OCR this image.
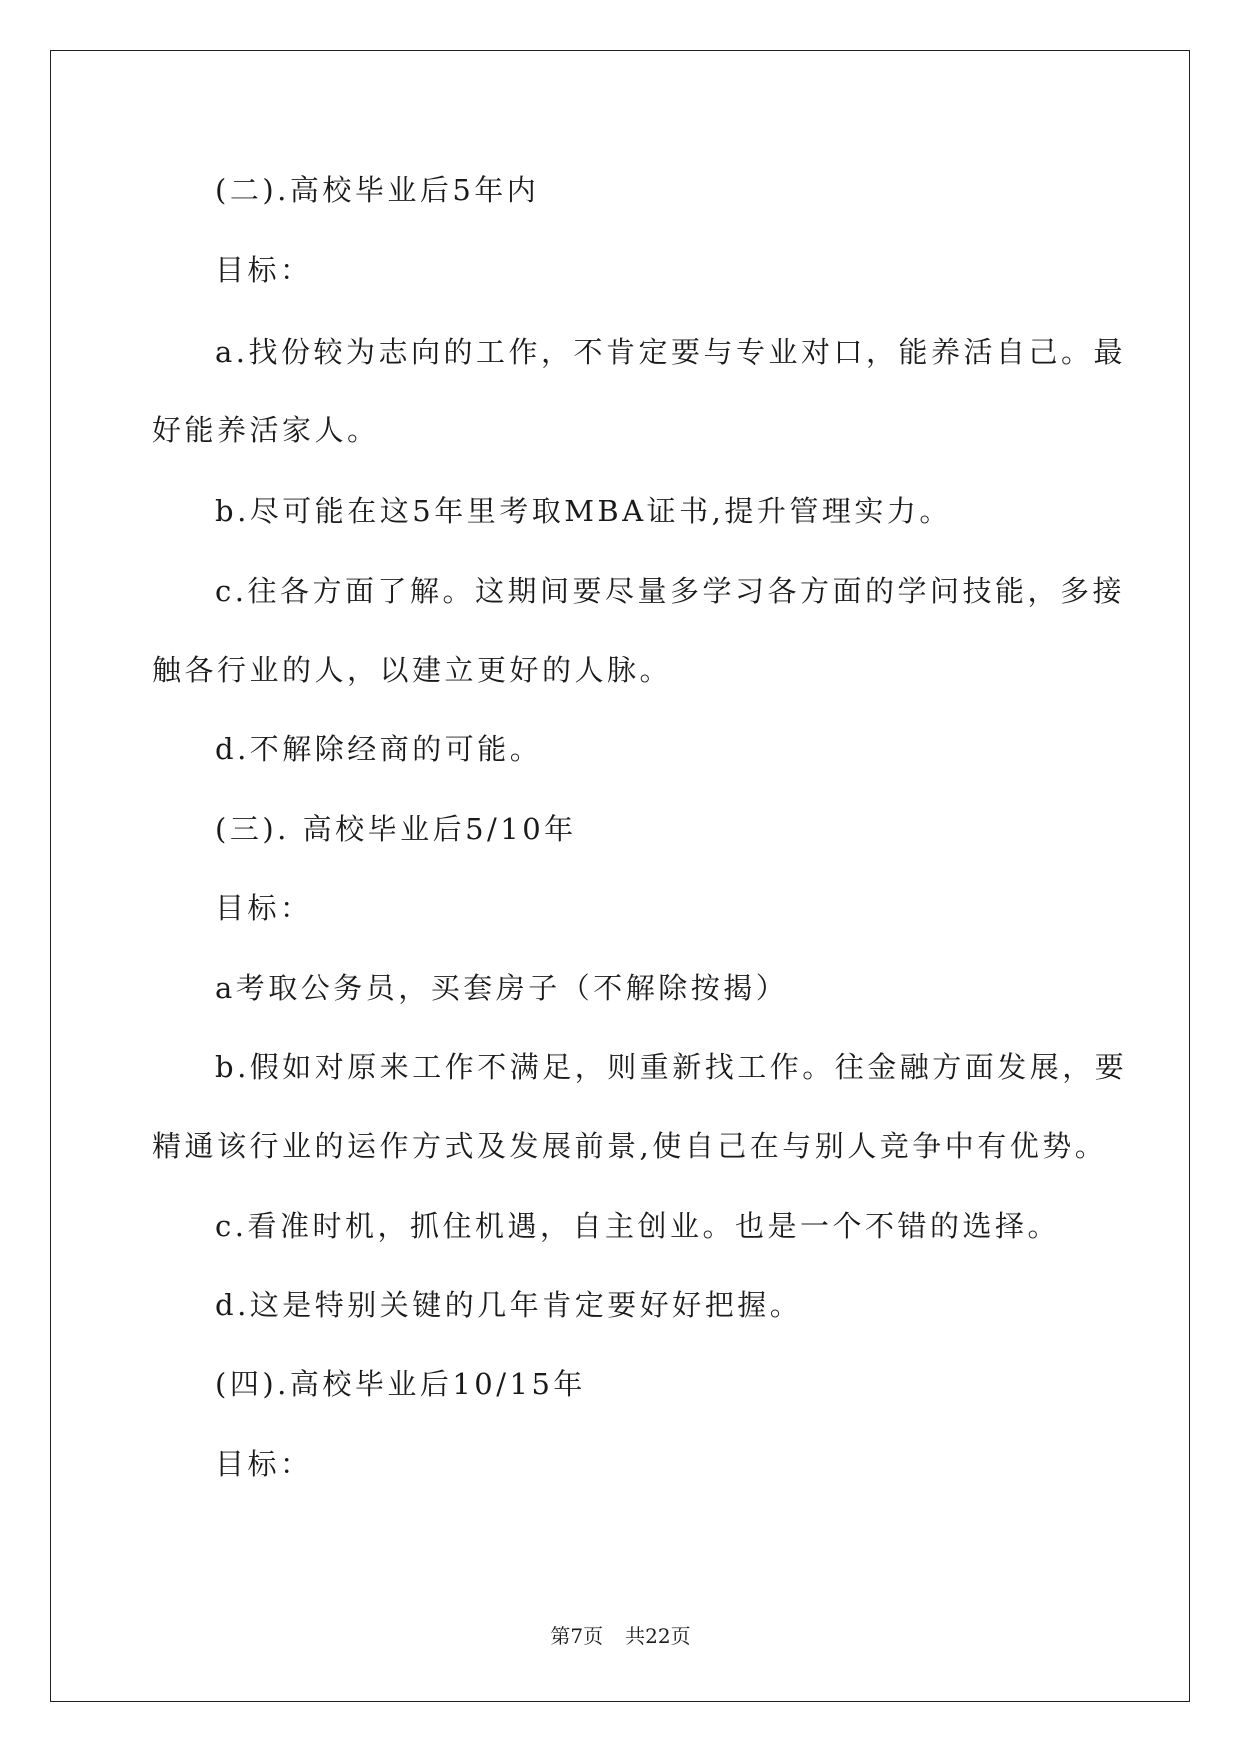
(二).高校毕业后5年内
目标：
a.找份较为志向的工作，不肯定要与专业对口，能养活自己。最
好能养活家人。
b.尽可能在这5年里考取MBA证书,提升管理实力。
c.往各方面了解。这期间要尽量多学习各方面的学问技能，多接
触各行业的人，以建立更好的人脉。
d.不解除经商的可能。
(三). 高校毕业后5/10年
目标：
a考取公务员，买套房子（不解除按揭）
b.假如对原来工作不满足，则重新找工作。往金融方面发展，要
精通该行业的运作方式及发展前景,使自己在与别人竞争中有优势。
c.看准时机，抓住机遇，自主创业。也是一个不错的选择。
d.这是特别关键的几年肯定要好好把握。
(四).高校毕业后10/15年
目标：
第7页 共22页
